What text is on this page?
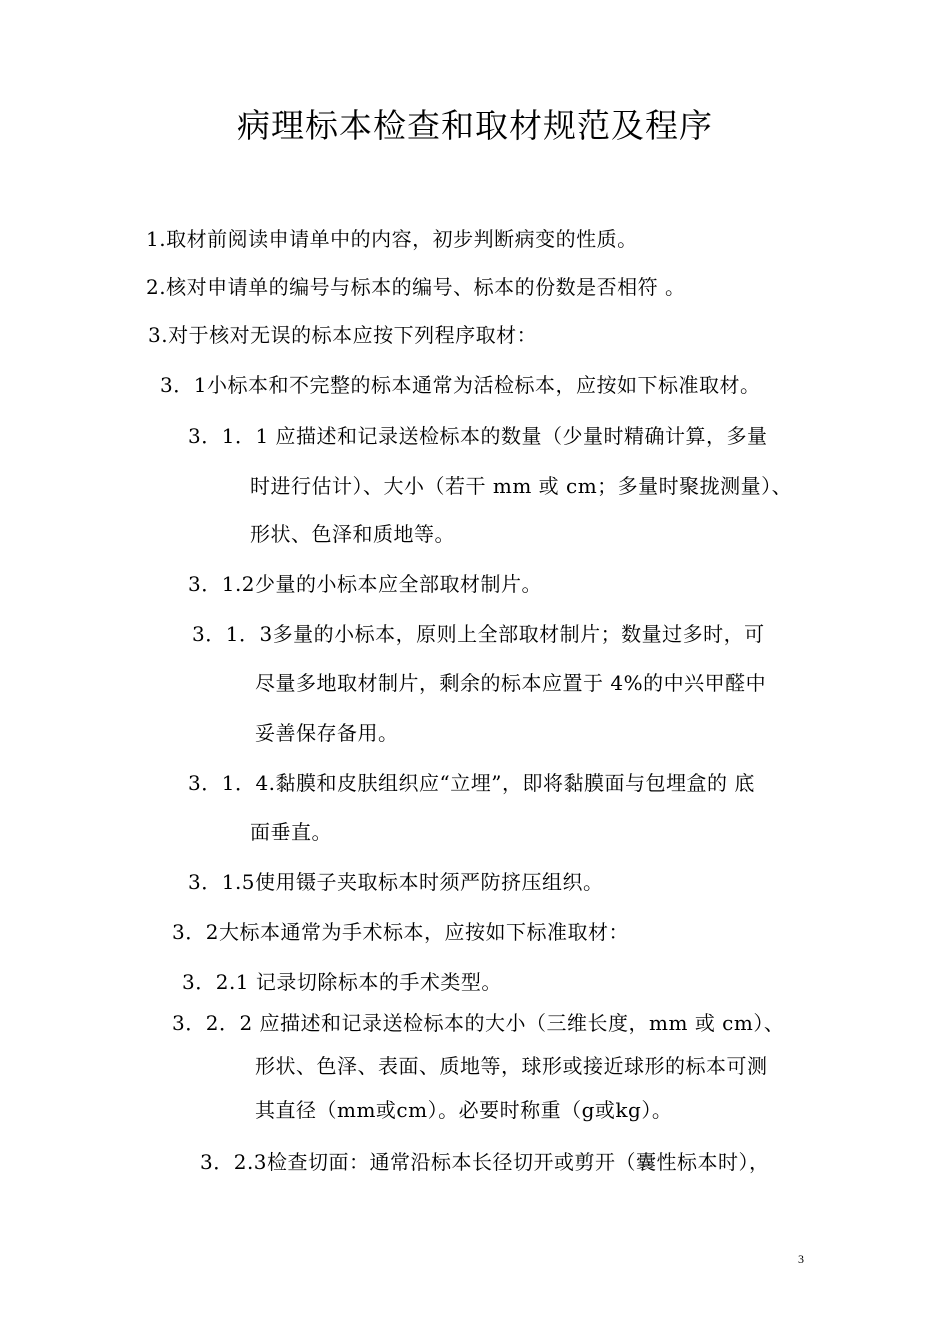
病理标本检查和取材规范及程序
1.取材前阅读申请单中的内容，初步判断病变的性质。
2.核对申请单的编号与标本的编号、标本的份数是否相符 。
3.对于核对无误的标本应按下列程序取材：
3．1小标本和不完整的标本通常为活检标本，应按如下标准取材。
3．1．1 应描述和记录送检标本的数量（少量时精确计算，多量
时进行估计）、大小（若干 mm 或 cm；多量时聚拢测量）、
形状、色泽和质地等。
3．1.2少量的小标本应全部取材制片。
3．1．3多量的小标本，原则上全部取材制片；数量过多时，可
尽量多地取材制片，剩余的标本应置于 4%的中兴甲醛中
妥善保存备用。
3．1．4.黏膜和皮肤组织应“立埋”，即将黏膜面与包埋盒的 底
面垂直。
3．1.5使用镊子夹取标本时须严防挤压组织。
3．2大标本通常为手术标本，应按如下标准取材：
3．2.1 记录切除标本的手术类型。
3．2．2 应描述和记录送检标本的大小（三维长度，mm 或 cm）、
形状、色泽、表面、质地等，球形或接近球形的标本可测
其直径（mm或cm）。必要时称重（g或kg）。
3．2.3检查切面：通常沿标本长径切开或剪开（囊性标本时），
3
